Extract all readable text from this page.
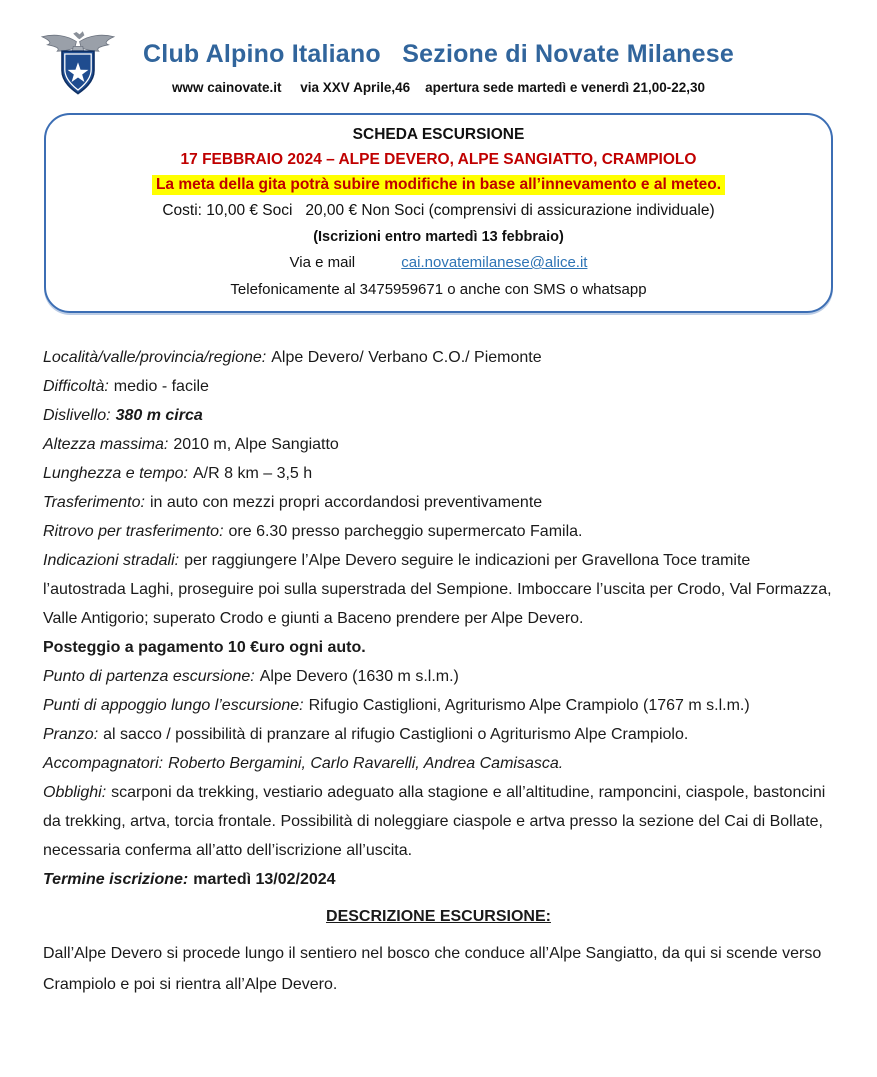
Club Alpino Italiano   Sezione di Novate Milanese
www cainovate.it     via XXV Aprile,46    apertura sede martedì e venerdì 21,00-22,30
SCHEDA ESCURSIONE
17 FEBBRAIO 2024 – ALPE DEVERO, ALPE SANGIATTO, CRAMPIOLO
La meta della gita potrà subire modifiche in base all’innevamento e al meteo.
Costi: 10,00 € Soci   20,00 € Non Soci (comprensivi di assicurazione individuale)
(Iscrizioni entro martedì 13 febbraio)
Via e mail	cai.novatemilanese@alice.it
Telefonicamente al 3475959671 o anche con SMS o whatsapp
Località/valle/provincia/regione: Alpe Devero/ Verbano C.O./ Piemonte
Difficoltà: medio - facile
Dislivello: 380 m circa
Altezza massima: 2010 m, Alpe Sangiatto
Lunghezza e tempo: A/R 8 km – 3,5 h
Trasferimento: in auto con mezzi propri accordandosi preventivamente
Ritrovo per trasferimento: ore 6.30 presso parcheggio supermercato Famila.
Indicazioni stradali: per raggiungere l’Alpe Devero seguire le indicazioni per Gravellona Toce tramite l’autostrada Laghi, proseguire poi sulla superstrada del Sempione. Imboccare l’uscita per Crodo, Val Formazza, Valle Antigorio; superato Crodo e giunti a Baceno prendere per Alpe Devero.
Posteggio a pagamento 10 €uro ogni auto.
Punto di partenza escursione: Alpe Devero (1630 m s.l.m.)
Punti di appoggio lungo l’escursione: Rifugio Castiglioni, Agriturismo Alpe Crampiolo (1767 m s.l.m.)
Pranzo: al sacco / possibilità di pranzare al rifugio Castiglioni o Agriturismo Alpe Crampiolo.
Accompagnatori: Roberto Bergamini, Carlo Ravarelli, Andrea Camisasca.
Obblighi: scarponi da trekking, vestiario adeguato alla stagione e all’altitudine, ramponcini, ciaspole, bastoncini da trekking, artva, torcia frontale. Possibilità di noleggiare ciaspole e artva presso la sezione del Cai di Bollate, necessaria conferma all’atto dell’iscrizione all’uscita.
Termine iscrizione: martedì 13/02/2024
DESCRIZIONE ESCURSIONE:
Dall’Alpe Devero si procede lungo il sentiero nel bosco che conduce all’Alpe Sangiatto, da qui si scende verso Crampiolo e poi si rientra all’Alpe Devero.
